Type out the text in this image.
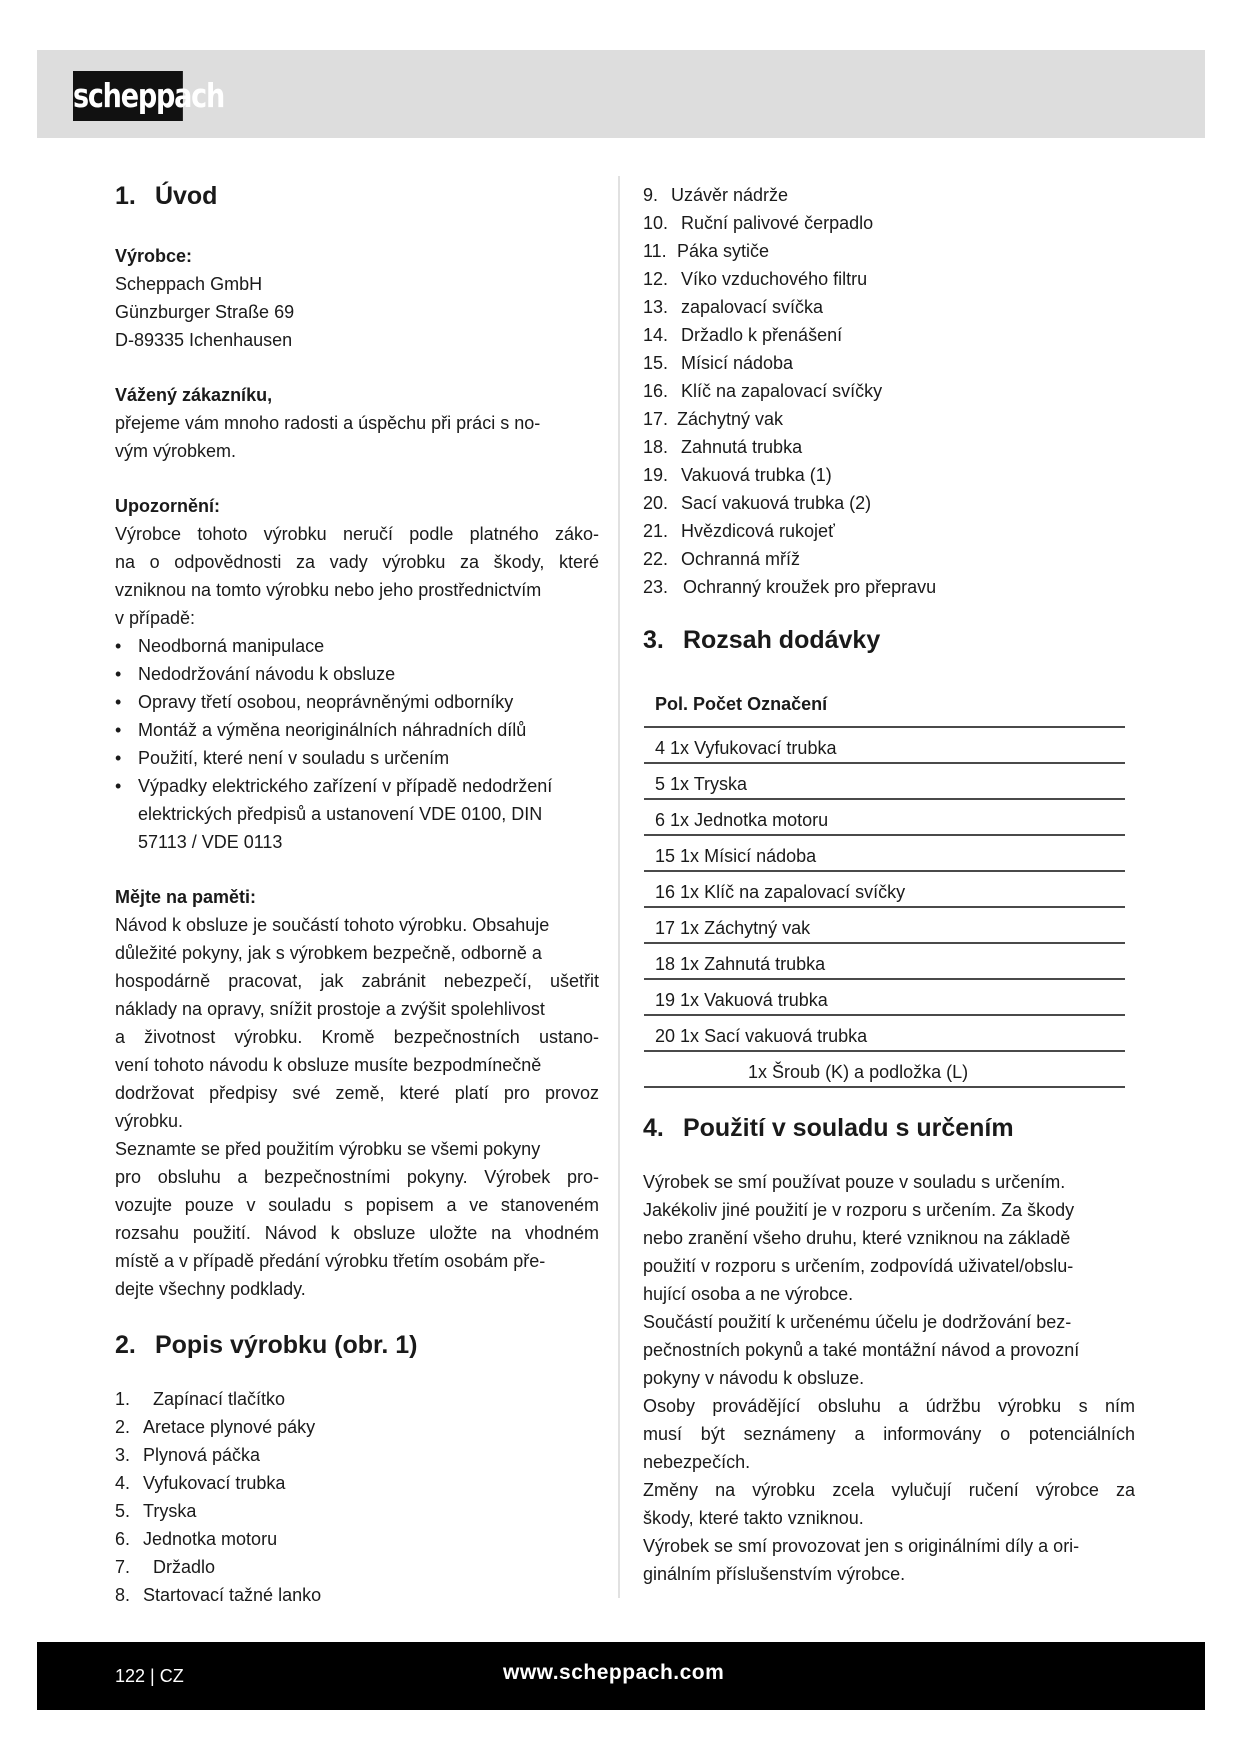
scheppach
1. Úvod
Výrobce:
Scheppach GmbH
Günzburger Straße 69
D-89335 Ichenhausen
Vážený zákazníku,
přejeme vám mnoho radosti a úspěchu při práci s no-
vým výrobkem.
Upozornění:
Výrobce tohoto výrobku neručí podle platného záko-
na o odpovědnosti za vady výrobku za škody, které
vzniknou na tomto výrobku nebo jeho prostřednictvím
v případě:
• Neodborná manipulace
• Nedodržování návodu k obsluze
• Opravy třetí osobou, neoprávněnými odborníky
• Montáž a výměna neoriginálních náhradních dílů
• Použití, které není v souladu s určením
• Výpadky elektrického zařízení v případě nedodržení
elektrických předpisů a ustanovení VDE 0100, DIN
57113 / VDE 0113
Mějte na paměti:
Návod k obsluze je součástí tohoto výrobku. Obsahuje
důležité pokyny, jak s výrobkem bezpečně, odborně a
hospodárně pracovat, jak zabránit nebezpečí, ušetřit
náklady na opravy, snížit prostoje a zvýšit spolehlivost
a životnost výrobku. Kromě bezpečnostních ustano-
vení tohoto návodu k obsluze musíte bezpodmínečně
dodržovat předpisy své země, které platí pro provoz
výrobku.
Seznamte se před použitím výrobku se všemi pokyny
pro obsluhu a bezpečnostními pokyny. Výrobek pro-
vozujte pouze v souladu s popisem a ve stanoveném
rozsahu použití. Návod k obsluze uložte na vhodném
místě a v případě předání výrobku třetím osobám pře-
dejte všechny podklady.
2. Popis výrobku (obr. 1)
1. Zapínací tlačítko
2. Aretace plynové páky
3. Plynová páčka
4. Vyfukovací trubka
5. Tryska
6. Jednotka motoru
7. Držadlo
8. Startovací tažné lanko
9. Uzávěr nádrže
10. Ruční palivové čerpadlo
11. Páka sytiče
12. Víko vzduchového filtru
13. zapalovací svíčka
14. Držadlo k přenášení
15. Mísicí nádoba
16. Klíč na zapalovací svíčky
17. Záchytný vak
18. Zahnutá trubka
19. Vakuová trubka (1)
20. Sací vakuová trubka (2)
21. Hvězdicová rukojeť
22. Ochranná mříž
23. Ochranný kroužek pro přepravu
3. Rozsah dodávky
Pol. Počet Označení
4 1x Vyfukovací trubka
5 1x Tryska
6 1x Jednotka motoru
15 1x Mísicí nádoba
16 1x Klíč na zapalovací svíčky
17 1x Záchytný vak
18 1x Zahnutá trubka
19 1x Vakuová trubka
20 1x Sací vakuová trubka
1x Šroub (K) a podložka (L)
4. Použití v souladu s určením
Výrobek se smí používat pouze v souladu s určením.
Jakékoliv jiné použití je v rozporu s určením. Za škody
nebo zranění všeho druhu, které vzniknou na základě
použití v rozporu s určením, zodpovídá uživatel/obslu-
hující osoba a ne výrobce.
Součástí použití k určenému účelu je dodržování bez-
pečnostních pokynů a také montážní návod a provozní
pokyny v návodu k obsluze.
Osoby provádějící obsluhu a údržbu výrobku s ním
musí být seznámeny a informovány o potenciálních
nebezpečích.
Změny na výrobku zcela vylučují ručení výrobce za
škody, které takto vzniknou.
Výrobek se smí provozovat jen s originálními díly a ori-
ginálním příslušenstvím výrobce.
122 | CZ	www.scheppach.com
